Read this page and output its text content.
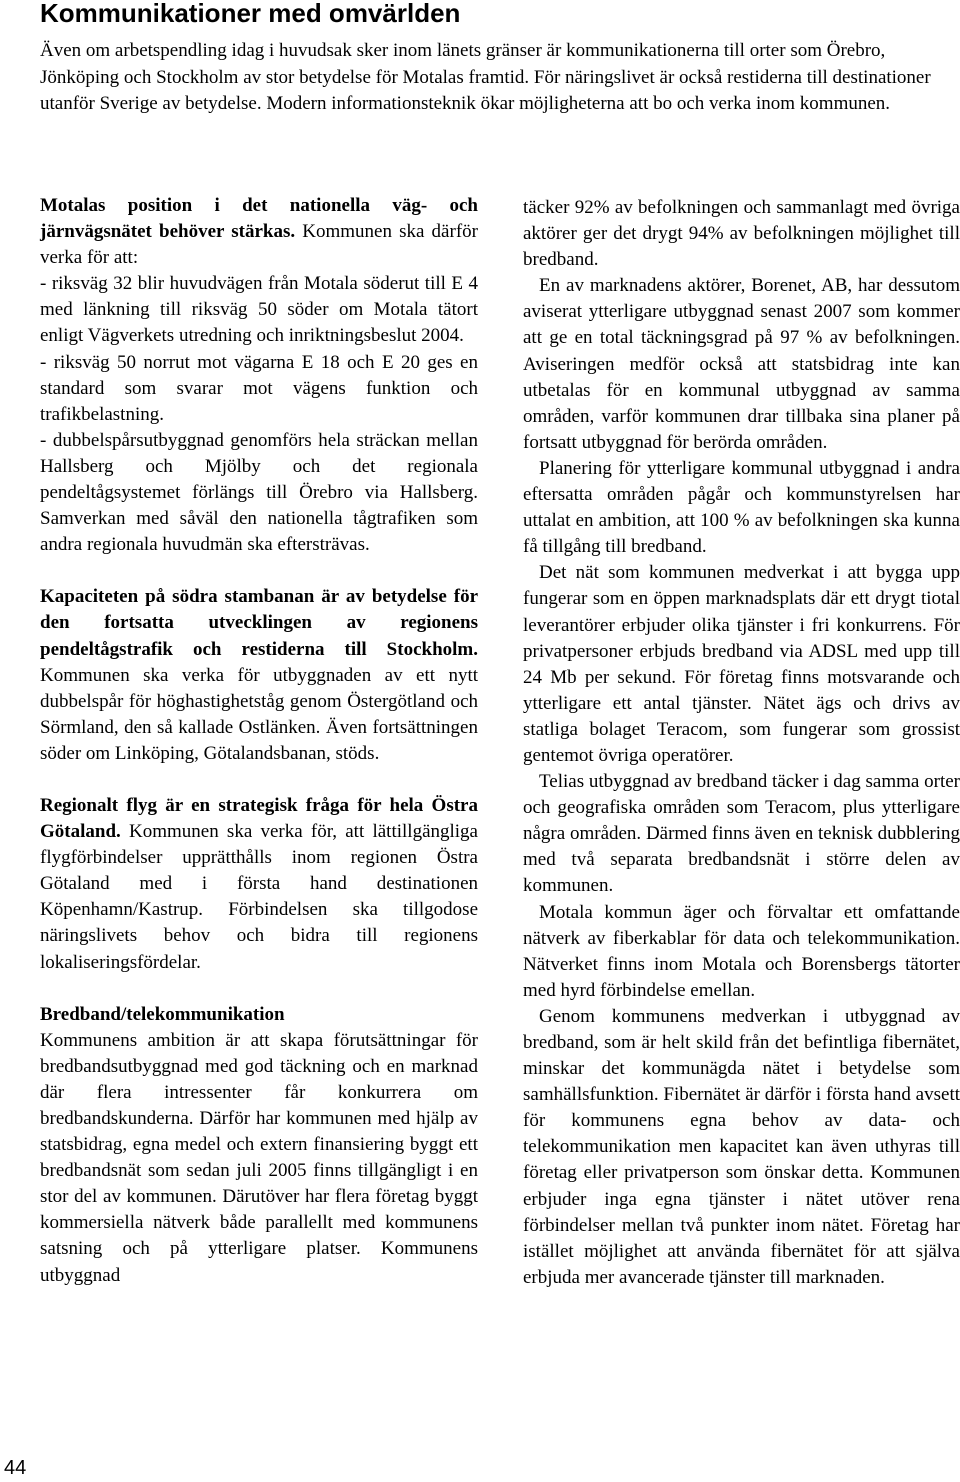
Kommunikationer med omvärlden

Även om arbetspendling idag i huvudsak sker inom länets gränser är kommunikationerna till orter som Örebro, Jönköping och Stockholm av stor betydelse för Motalas framtid. För näringslivet är också restiderna till destinationer utanför Sverige av betydelse. Modern informationsteknik ökar möjligheterna att bo och verka inom kommunen.

Motalas position i det nationella väg- och järnvägsnätet behöver stärkas. Kommunen ska därför verka för att:

- riksväg 32 blir huvudvägen från Motala söderut till E 4 med länkning till riksväg 50 söder om Motala tätort enligt Vägverkets utredning och inriktningsbeslut 2004.

- riksväg 50 norrut mot vägarna E 18 och E 20 ges en standard som svarar mot vägens funktion och trafikbelastning.

- dubbelspårsutbyggnad genomförs hela sträckan mellan Hallsberg och Mjölby och det regionala pendeltågsystemet förlängs till Örebro via Hallsberg. Samverkan med såväl den nationella tågtrafiken som andra regionala huvudmän ska eftersträvas.

Kapaciteten på södra stambanan är av betydelse för den fortsatta utvecklingen av regionens pendeltågstrafik och restiderna till Stockholm. Kommunen ska verka för utbyggnaden av ett nytt dubbelspår för höghastighetståg genom Östergötland och Sörmland, den så kallade Ostlänken. Även fortsättningen söder om Linköping, Götalandsbanan, stöds.

Regionalt flyg är en strategisk fråga för hela Östra Götaland. Kommunen ska verka för, att lättillgängliga flygförbindelser upprätthålls inom regionen Östra Götaland med i första hand destinationen Köpenhamn/Kastrup. Förbindelsen ska tillgodose näringslivets behov och bidra till regionens lokaliseringsfördelar.

Bredband/telekommunikation

Kommunens ambition är att skapa förutsättningar för bredbandsutbyggnad med god täckning och en marknad där flera intressenter får konkurrera om bredbandskunderna. Därför har kommunen med hjälp av statsbidrag, egna medel och extern finansiering byggt ett bredbandsnät som sedan juli 2005 finns tillgängligt i en stor del av kommunen. Därutöver har flera företag byggt kommersiella nätverk både parallellt med kommunens satsning och på ytterligare platser. Kommunens utbyggnad

täcker 92% av befolkningen och sammanlagt med övriga aktörer ger det drygt 94% av befolkningen möjlighet till bredband.

En av marknadens aktörer, Borenet, AB, har dessutom aviserat ytterligare utbyggnad senast 2007 som kommer att ge en total täckningsgrad på 97 % av befolkningen. Aviseringen medför också att statsbidrag inte kan utbetalas för en kommunal utbyggnad av samma områden, varför kommunen drar tillbaka sina planer på fortsatt utbyggnad för berörda områden.

Planering för ytterligare kommunal utbyggnad i andra eftersatta områden pågår och kommunstyrelsen har uttalat en ambition, att 100 % av befolkningen ska kunna få tillgång till bredband.

Det nät som kommunen medverkat i att bygga upp fungerar som en öppen marknadsplats där ett drygt tiotal leverantörer erbjuder olika tjänster i fri konkurrens. För privatpersoner erbjuds bredband via ADSL med upp till 24 Mb per sekund. För företag finns motsvarande och ytterligare ett antal tjänster. Nätet ägs och drivs av statliga bolaget Teracom, som fungerar som grossist gentemot övriga operatörer.

Telias utbyggnad av bredband täcker i dag samma orter och geografiska områden som Teracom, plus ytterligare några områden. Därmed finns även en teknisk dubblering med två separata bredbandsnät i större delen av kommunen.

Motala kommun äger och förvaltar ett omfattande nätverk av fiberkablar för data och telekommunikation. Nätverket finns inom Motala och Borensbergs tätorter med hyrd förbindelse emellan.

Genom kommunens medverkan i utbyggnad av bredband, som är helt skild från det befintliga fibernätet, minskar det kommunägda nätet i betydelse som samhällsfunktion. Fibernätet är därför i första hand avsett för kommunens egna behov av data- och telekommunikation men kapacitet kan även uthyras till företag eller privatperson som önskar detta. Kommunen erbjuder inga egna tjänster i nätet utöver rena förbindelser mellan två punkter inom nätet. Företag har istället möjlighet att använda fibernätet för att själva erbjuda mer avancerade tjänster till marknaden.

44
